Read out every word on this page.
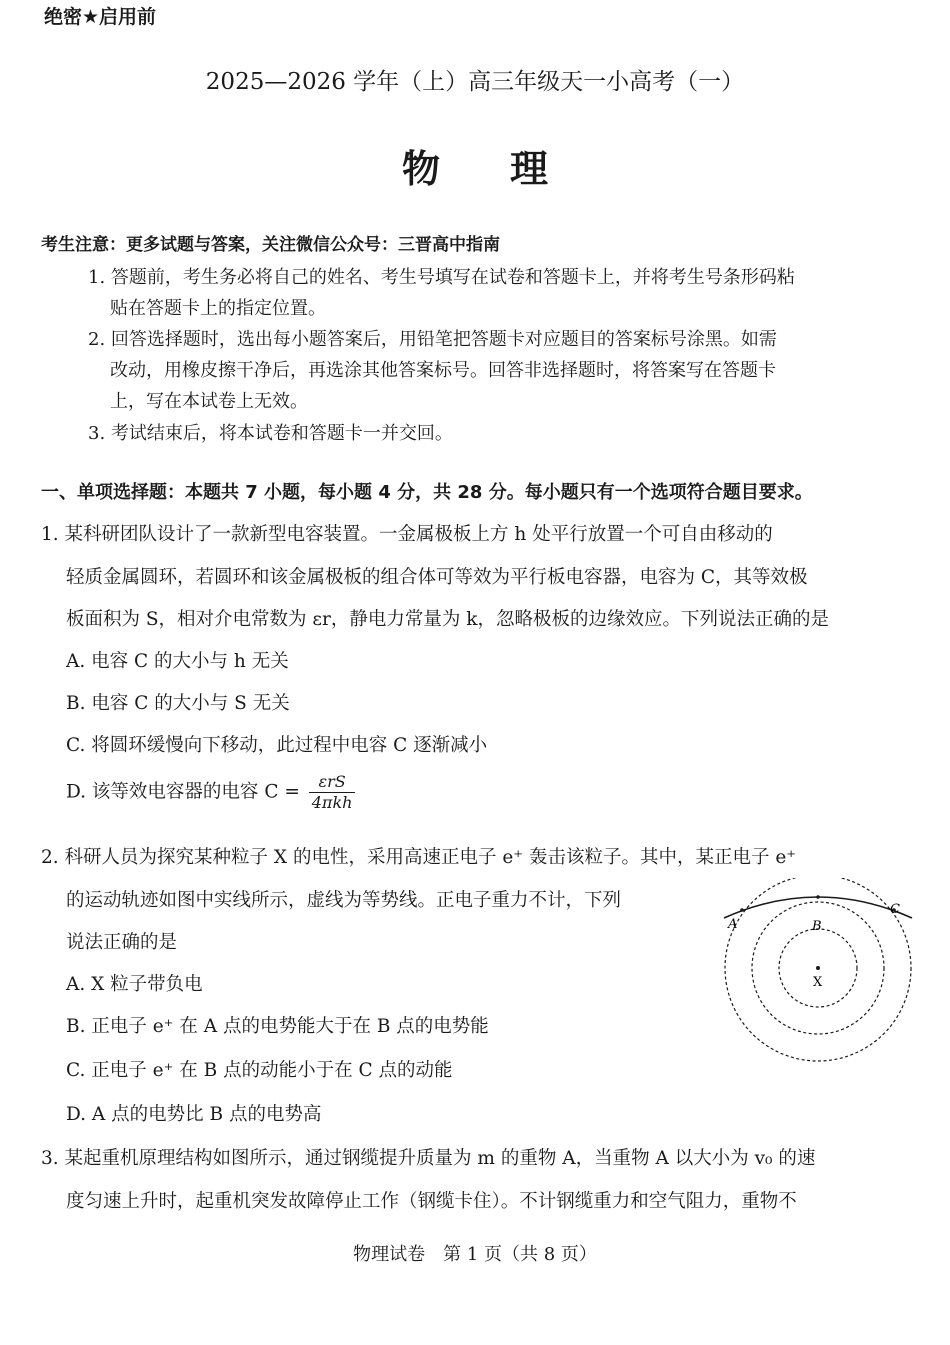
绝密★启用前
2025—2026 学年（上）高三年级天一小高考（一）
物理
考生注意：更多试题与答案，关注微信公众号：三晋高中指南
1. 答题前，考生务必将自己的姓名、考生号填写在试卷和答题卡上，并将考生号条形码粘
贴在答题卡上的指定位置。
2. 回答选择题时，选出每小题答案后，用铅笔把答题卡对应题目的答案标号涂黑。如需
改动，用橡皮擦干净后，再选涂其他答案标号。回答非选择题时，将答案写在答题卡
上，写在本试卷上无效。
3. 考试结束后，将本试卷和答题卡一并交回。
一、单项选择题：本题共 7 小题，每小题 4 分，共 28 分。每小题只有一个选项符合题目要求。
1. 某科研团队设计了一款新型电容装置。一金属极板上方 h 处平行放置一个可自由移动的
轻质金属圆环，若圆环和该金属极板的组合体可等效为平行板电容器，电容为 C，其等效极
板面积为 S，相对介电常数为 εr，静电力常量为 k，忽略极板的边缘效应。下列说法正确的是
A. 电容 C 的大小与 h 无关
B. 电容 C 的大小与 S 无关
C. 将圆环缓慢向下移动，此过程中电容 C 逐渐减小
D. 该等效电容器的电容 $C = \frac{\text{εrS}}{\text{4πkh}}$
2. 科研人员为探究某种粒子 X 的电性，采用高速正电子 e⁺ 轰击该粒子。其中，某正电子 e⁺
的运动轨迹如图中实线所示，虚线为等势线。正电子重力不计，下列
说法正确的是
A. X 粒子带负电
B. 正电子 e⁺ 在 A 点的电势能大于在 B 点的电势能
C. 正电子 e⁺ 在 B 点的动能小于在 C 点的动能
D. A 点的电势比 B 点的电势高
A	B
C
X
3. 某起重机原理结构如图所示，通过钢缆提升质量为 m 的重物 A，当重物 A 以大小为 v₀ 的速
度匀速上升时，起重机突发故障停止工作（钢缆卡住）。不计钢缆重力和空气阻力，重物不
物理试卷　第 1 页（共 8 页）
